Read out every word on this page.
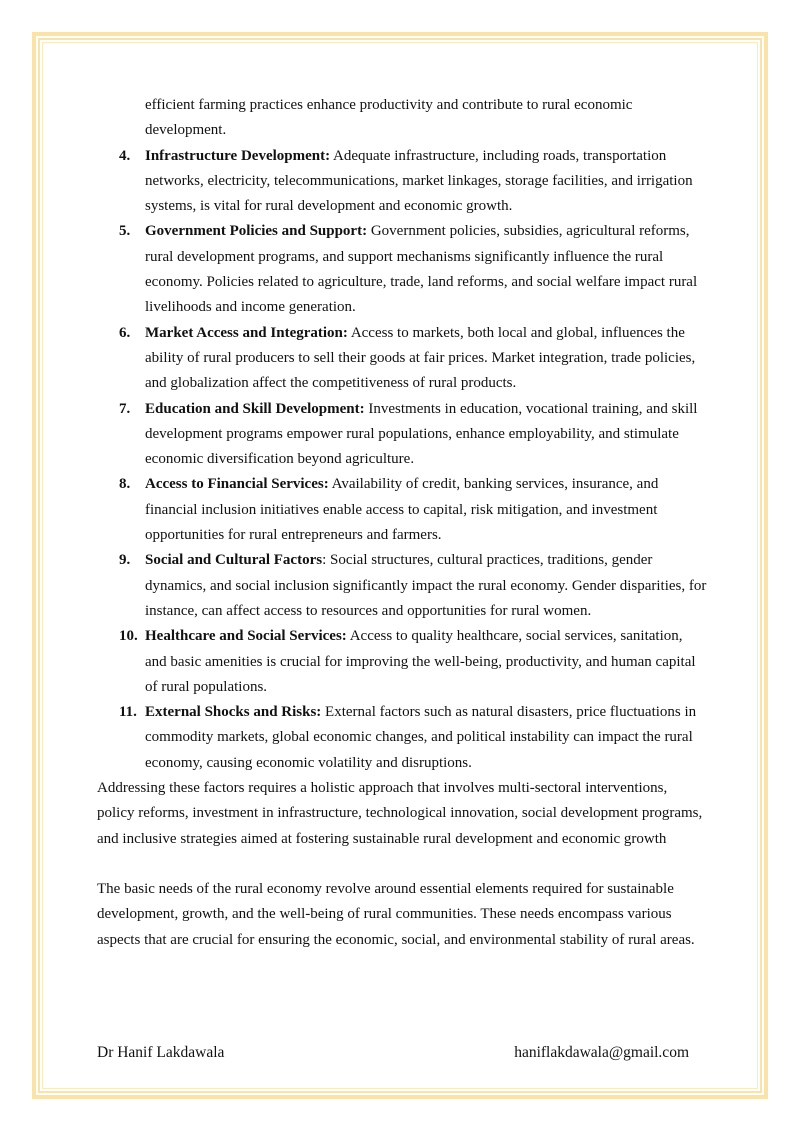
efficient farming practices enhance productivity and contribute to rural economic development.

4. Infrastructure Development: Adequate infrastructure, including roads, transportation networks, electricity, telecommunications, market linkages, storage facilities, and irrigation systems, is vital for rural development and economic growth.
5. Government Policies and Support: Government policies, subsidies, agricultural reforms, rural development programs, and support mechanisms significantly influence the rural economy. Policies related to agriculture, trade, land reforms, and social welfare impact rural livelihoods and income generation.
6. Market Access and Integration: Access to markets, both local and global, influences the ability of rural producers to sell their goods at fair prices. Market integration, trade policies, and globalization affect the competitiveness of rural products.
7. Education and Skill Development: Investments in education, vocational training, and skill development programs empower rural populations, enhance employability, and stimulate economic diversification beyond agriculture.
8. Access to Financial Services: Availability of credit, banking services, insurance, and financial inclusion initiatives enable access to capital, risk mitigation, and investment opportunities for rural entrepreneurs and farmers.
9. Social and Cultural Factors: Social structures, cultural practices, traditions, gender dynamics, and social inclusion significantly impact the rural economy. Gender disparities, for instance, can affect access to resources and opportunities for rural women.
10. Healthcare and Social Services: Access to quality healthcare, social services, sanitation, and basic amenities is crucial for improving the well-being, productivity, and human capital of rural populations.
11. External Shocks and Risks: External factors such as natural disasters, price fluctuations in commodity markets, global economic changes, and political instability can impact the rural economy, causing economic volatility and disruptions.

Addressing these factors requires a holistic approach that involves multi-sectoral interventions, policy reforms, investment in infrastructure, technological innovation, social development programs, and inclusive strategies aimed at fostering sustainable rural development and economic growth

The basic needs of the rural economy revolve around essential elements required for sustainable development, growth, and the well-being of rural communities. These needs encompass various aspects that are crucial for ensuring the economic, social, and environmental stability of rural areas.

Dr Hanif Lakdawala	haniflakdawala@gmail.com
